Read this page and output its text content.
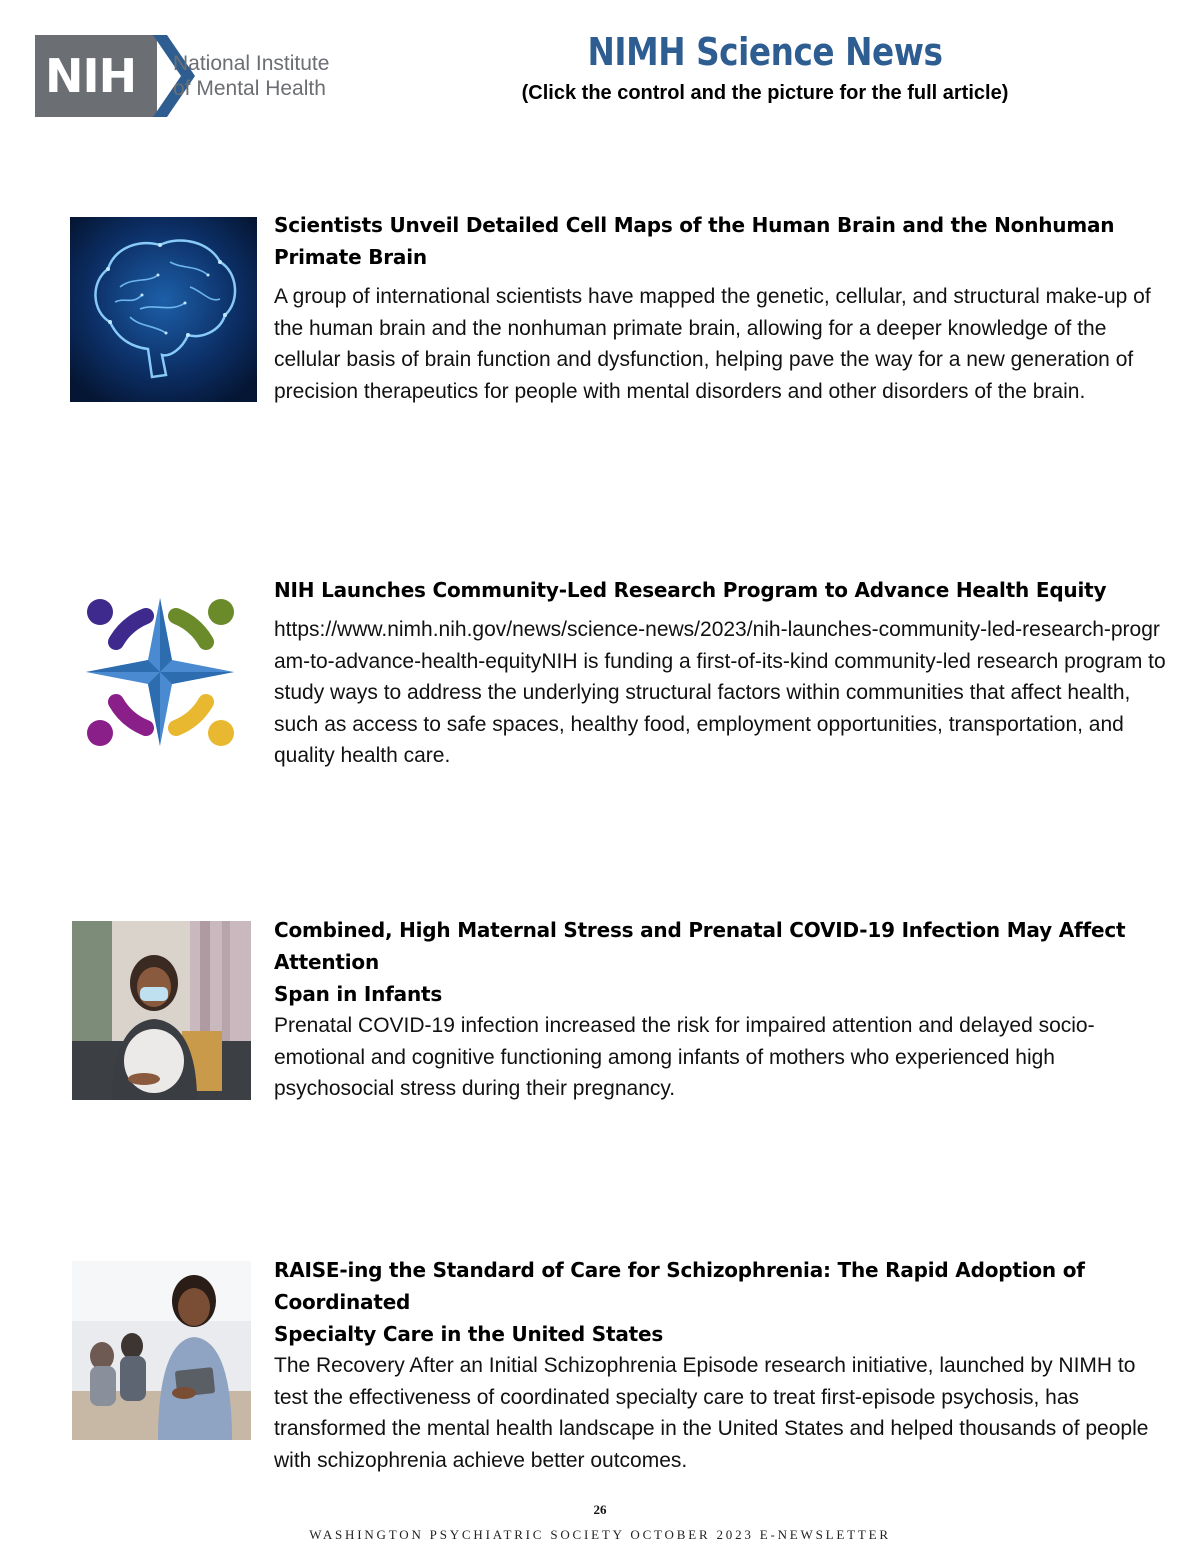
NIH	National Institute
of Mental Health
NIMH Science News
(Click the control and the picture for the full article)

Scientists Unveil Detailed Cell Maps of the Human Brain and the Nonhuman
Primate Brain

A group of international scientists have mapped the genetic, cellular, and structural make-up of the human brain and the nonhuman primate brain, allowing for a deeper knowledge of the cellular basis of brain function and dysfunction, helping pave the way for a new generation of precision therapeutics for people with mental disorders and other disorders of the brain.

NIH Launches Community-Led Research Program to Advance Health Equity

https://www.nimh.nih.gov/news/science-news/2023/nih-launches-community-led-research-program-to-advance-health-equityNIH is funding a first-of-its-kind community-led research program to study ways to address the underlying structural factors within communities that affect health, such as access to safe spaces, healthy food, employment opportunities, transportation, and quality health care.

Combined, High Maternal Stress and Prenatal COVID-19 Infection May Affect Attention
Span in Infants

Prenatal COVID-19 infection increased the risk for impaired attention and delayed socio-emotional and cognitive functioning among infants of mothers who experienced high psychosocial stress during their pregnancy.

RAISE-ing the Standard of Care for Schizophrenia: The Rapid Adoption of Coordinated
Specialty Care in the United States

The Recovery After an Initial Schizophrenia Episode research initiative, launched by NIMH to test the effectiveness of coordinated specialty care to treat first-episode psychosis, has transformed the mental health landscape in the United States and helped thousands of people with schizophrenia achieve better outcomes.

26
WASHINGTON PSYCHIATRIC SOCIETY OCTOBER 2023 E-NEWSLETTER
